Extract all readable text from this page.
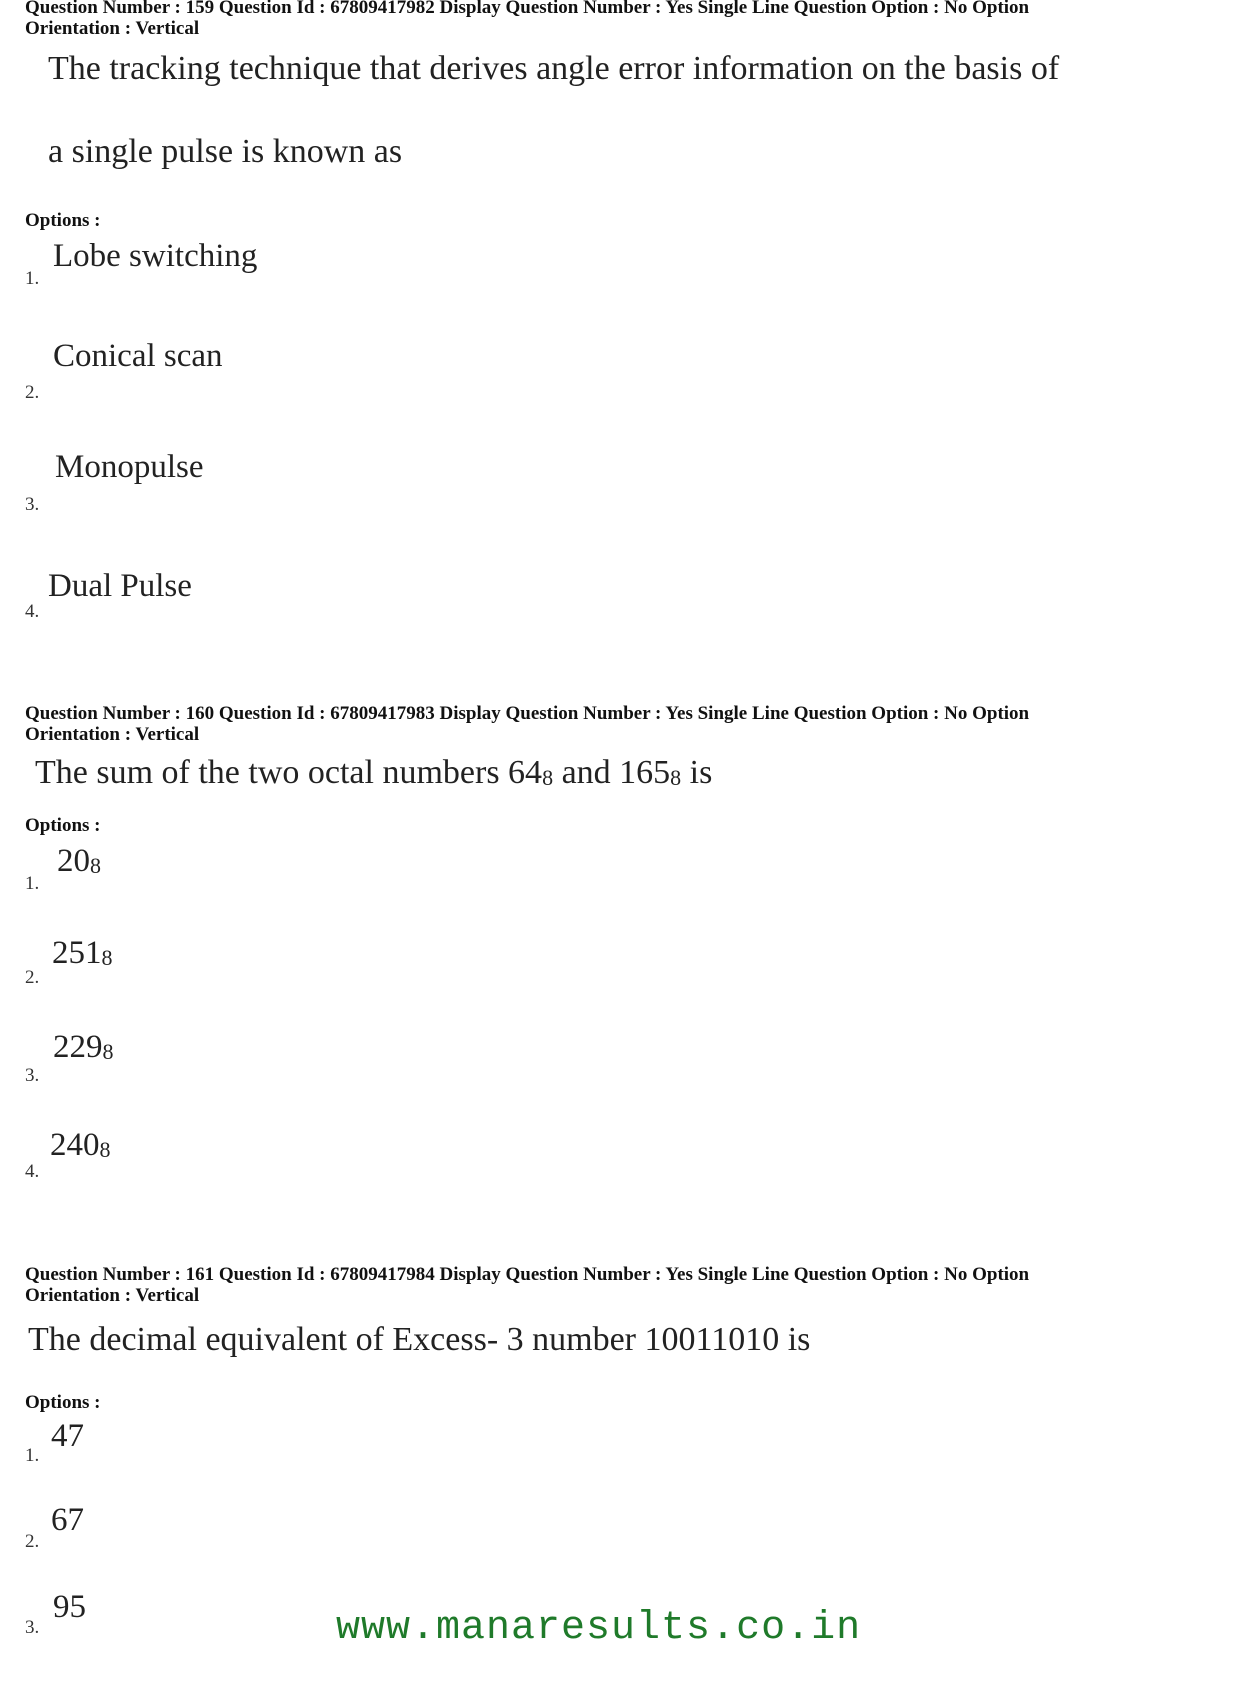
Question Number : 159 Question Id : 67809417982 Display Question Number : Yes Single Line Question Option : No Option
Orientation : Vertical
The tracking technique that derives angle error information on the basis of
a single pulse is known as
Options :
1.
Lobe switching
2.
Conical scan
3.
Monopulse
4.
Dual Pulse
Question Number : 160 Question Id : 67809417983 Display Question Number : Yes Single Line Question Option : No Option
Orientation : Vertical
The sum of the two octal numbers $64_8$ and $165_8$ is
Options :
1.
$20_8$
2.
$251_8$
3.
$229_8$
4.
$240_8$
Question Number : 161 Question Id : 67809417984 Display Question Number : Yes Single Line Question Option : No Option
Orientation : Vertical
The decimal equivalent of Excess- 3 number 10011010 is
Options :
1.
47
2.
67
3.
95	www.manaresults.co.in
